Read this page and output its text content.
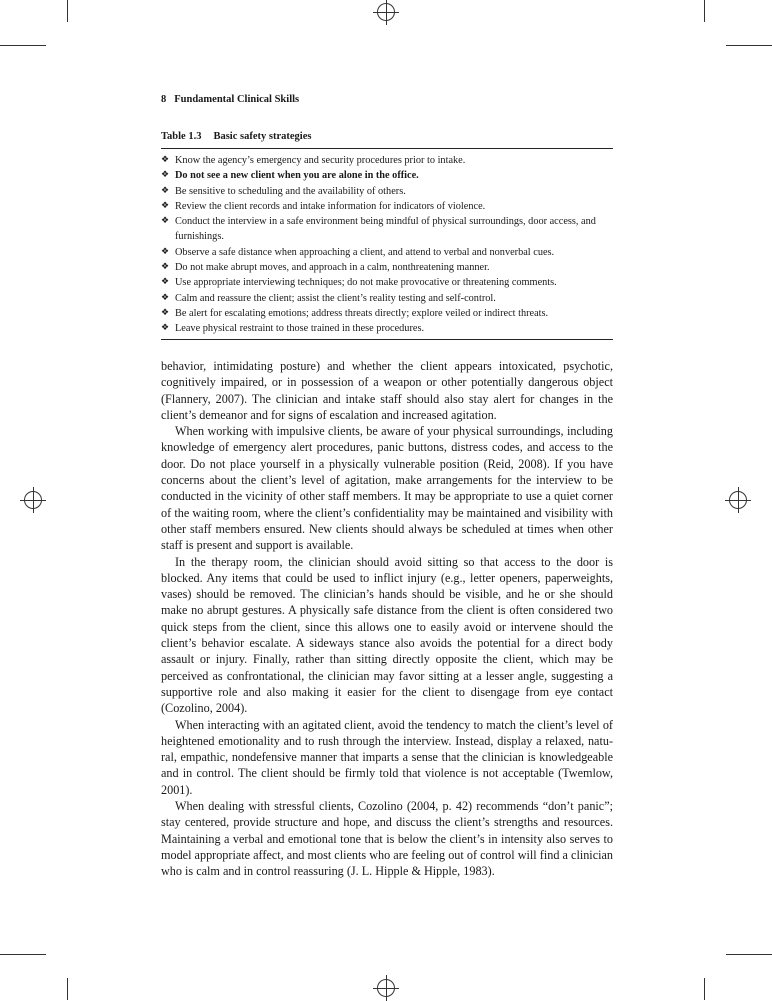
8 Fundamental Clinical Skills
Table 1.3 Basic safety strategies
❖ Know the agency’s emergency and security procedures prior to intake.
❖ Do not see a new client when you are alone in the office.
❖ Be sensitive to scheduling and the availability of others.
❖ Review the client records and intake information for indicators of violence.
❖ Conduct the interview in a safe environment being mindful of physical surroundings, door access, and furnishings.
❖ Observe a safe distance when approaching a client, and attend to verbal and nonverbal cues.
❖ Do not make abrupt moves, and approach in a calm, nonthreatening manner.
❖ Use appropriate interviewing techniques; do not make provocative or threatening comments.
❖ Calm and reassure the client; assist the client’s reality testing and self-control.
❖ Be alert for escalating emotions; address threats directly; explore veiled or indirect threats.
❖ Leave physical restraint to those trained in these procedures.

behavior, intimidating posture) and whether the client appears intoxicated, psychotic, cognitively impaired, or in possession of a weapon or other potentially dangerous object (Flannery, 2007). The clinician and intake staff should also stay alert for changes in the client’s demeanor and for signs of escalation and increased agitation.

When working with impulsive clients, be aware of your physical surroundings, including knowledge of emergency alert procedures, panic buttons, distress codes, and access to the door. Do not place yourself in a physically vulnerable position (Reid, 2008). If you have concerns about the client’s level of agitation, make arrangements for the interview to be conducted in the vicinity of other staff members. It may be appropriate to use a quiet corner of the waiting room, where the client’s confidentiality may be maintained and visibility with other staff members ensured. New clients should always be scheduled at times when other staff is present and support is available.

In the therapy room, the clinician should avoid sitting so that access to the door is blocked. Any items that could be used to inflict injury (e.g., letter openers, paperweights, vases) should be removed. The clinician’s hands should be visible, and he or she should make no abrupt gestures. A physically safe distance from the client is often considered two quick steps from the client, since this allows one to easily avoid or intervene should the client’s behavior escalate. A sideways stance also avoids the potential for a direct body assault or injury. Finally, rather than sitting directly opposite the client, which may be perceived as confrontational, the clinician may favor sitting at a lesser angle, suggesting a supportive role and also making it easier for the client to disengage from eye contact (Cozolino, 2004).

When interacting with an agitated client, avoid the tendency to match the client’s level of heightened emotionality and to rush through the interview. Instead, display a relaxed, natural, empathic, nondefensive manner that imparts a sense that the clinician is knowledgeable and in control. The client should be firmly told that violence is not acceptable (Twemlow, 2001).

When dealing with stressful clients, Cozolino (2004, p. 42) recommends “don’t panic”; stay centered, provide structure and hope, and discuss the client’s strengths and resources. Maintaining a verbal and emotional tone that is below the client’s in intensity also serves to model appropriate affect, and most clients who are feeling out of control will find a clinician who is calm and in control reassuring (J. L. Hipple & Hipple, 1983).
